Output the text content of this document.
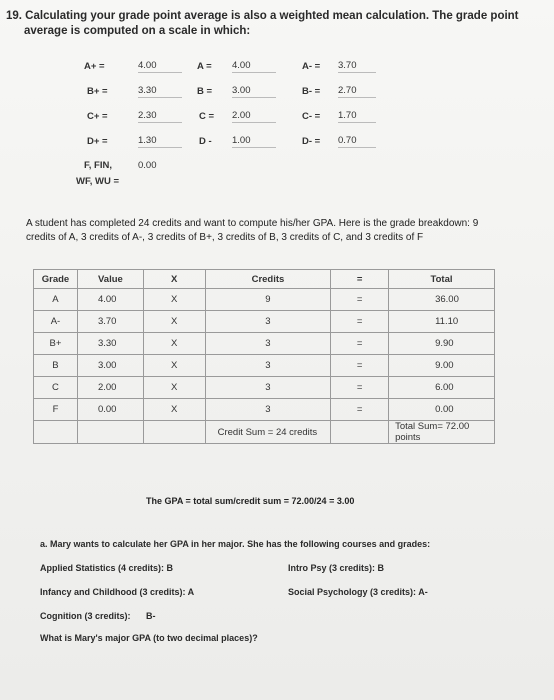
19. Calculating your grade point average is also a weighted mean calculation. The grade point
average is computed on a scale in which:
A+ =	4.00	A = 4.00	A- = 3.70
B+ =	3.30	B = 3.00	B- = 2.70
C+ =	2.30	C = 2.00	C- = 1.70
D+ =	1.30	D - 1.00	D- = 0.70
F, FIN,
WF, WU =
0.00
A student has completed 24 credits and want to compute his/her GPA. Here is the grade breakdown: 9 credits of A, 3 credits of A-, 3 credits of B+, 3 credits of B, 3 credits of C, and 3 credits of F
Grade	Value	X	Credits	=	Total
A	4.00	X	9	=	36.00
A-	3.70	X	3	=	11.10
B+	3.30	X	3	=	9.90
B	3.00	X	3	=	9.00
C	2.00	X	3	=	6.00
F	0.00	X	3	=	0.00
			Credit Sum = 24 credits		Total Sum= 72.00 points
The GPA = total sum/credit sum = 72.00/24 = 3.00
a. Mary wants to calculate her GPA in her major. She has the following courses and grades:
Applied Statistics (4 credits): B	Intro Psy (3 credits): B
Infancy and Childhood (3 credits): A	Social Psychology (3 credits): A-
Cognition (3 credits): B-
What is Mary's major GPA (to two decimal places)?
